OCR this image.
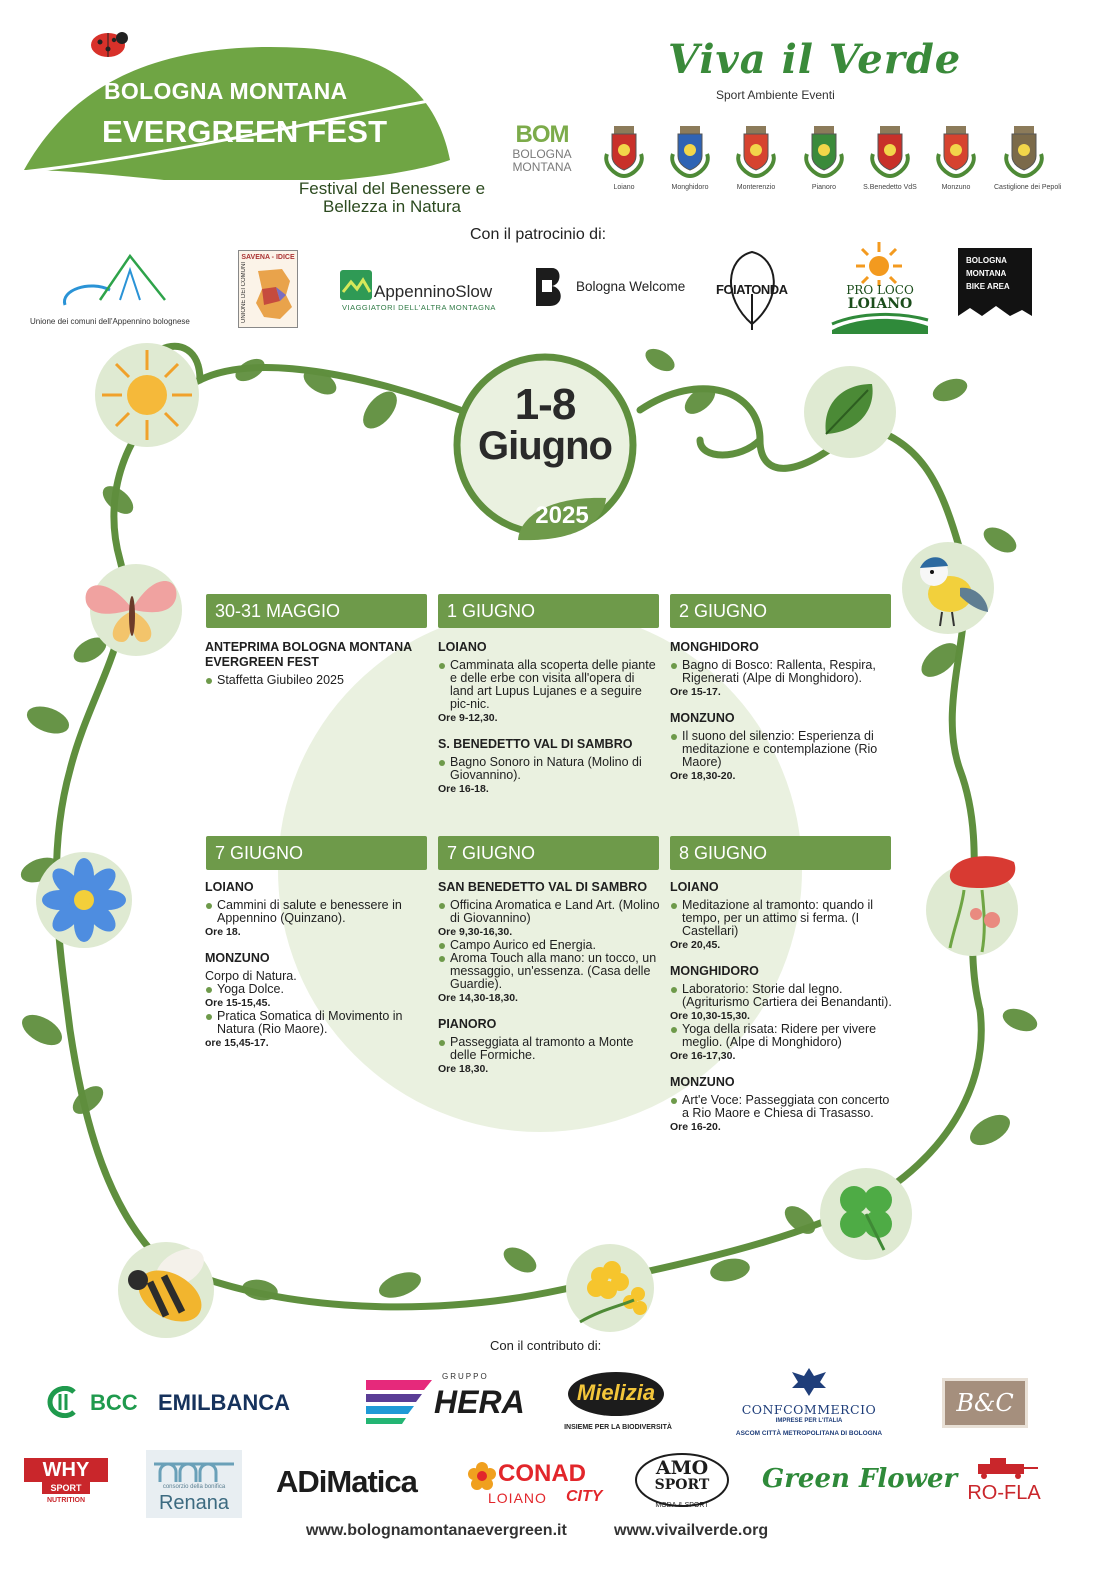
BOLOGNA MONTANA
EVERGREEN FEST
Festival del Benessere e Bellezza in Natura
Viva il Verde
Sport Ambiente Eventi
BOM
BOLOGNA
MONTANA
Loiano	Monghidoro	Monterenzio	Pianoro	S.Benedetto VdS	Monzuno	Castiglione dei Pepoli
Con il patrocinio di:
Unione dei comuni dell'Appennino bolognese
SAVENA - IDICE
UNIONE DEI COMUNI	AppenninoSlow
VIAGGIATORI DELL'ALTRA MONTAGNA
Bologna Welcome FOIATONDA	PRO LOCO
LOIANO
BOLOGNA
MONTANA
BIKE AREA
1-8
Giugno
2025
30-31 MAGGIO
ANTEPRIMA BOLOGNA MONTANA EVERGREEN FEST
Staffetta Giubileo 2025
1 GIUGNO
LOIANO
Camminata alla scoperta delle piante e delle erbe con visita all'opera di land art Lupus Lujanes e a seguire pic-nic.
Ore 9-12,30.
S. BENEDETTO VAL DI SAMBRO
Bagno Sonoro in Natura (Molino di Giovannino).
Ore 16-18.
2 GIUGNO
MONGHIDORO
Bagno di Bosco: Rallenta, Respira, Rigenerati (Alpe di Monghidoro).
Ore 15-17.
MONZUNO
Il suono del silenzio: Esperienza di meditazione e contemplazione (Rio Maore)
Ore 18,30-20.
7 GIUGNO
LOIANO
Cammini di salute e benessere in Appennino (Quinzano).
Ore 18.
MONZUNO
Corpo di Natura.
Yoga Dolce.
Ore 15-15,45.
Pratica Somatica di Movimento in Natura (Rio Maore).
ore 15,45-17.
7 GIUGNO
SAN BENEDETTO VAL DI SAMBRO
Officina Aromatica e Land Art. (Molino di Giovannino)
Ore 9,30-16,30.
Campo Aurico ed Energia.
Aroma Touch alla mano: un tocco, un messaggio, un'essenza. (Casa delle Guardie).
Ore 14,30-18,30.
PIANORO
Passeggiata al tramonto a Monte delle Formiche.
Ore 18,30.
8 GIUGNO
LOIANO
Meditazione al tramonto: quando il tempo, per un attimo si ferma. (I Castellari)
Ore 20,45.
MONGHIDORO
Laboratorio: Storie dal legno. (Agriturismo Cartiera dei Benandanti).
Ore 10,30-15,30.
Yoga della risata: Ridere per vivere meglio. (Alpe di Monghidoro)
Ore 16-17,30.
MONZUNO
Art'e Voce: Passeggiata con concerto a Rio Maore e Chiesa di Trasasso.
Ore 16-20.
Con il contributo di:
BCC EMILBANCA
GRUPPO
HERA	Mielizia
INSIEME PER LA BIODIVERSITÀ
CONFCOMMERCIO
IMPRESE PER L'ITALIA
ASCOM CITTÀ METROPOLITANA DI BOLOGNA
B&C
WHY
SPORT
NUTRITION
consorzio della bonifica
Renana
ADiMatica	CONAD
LOIANO CITY
AMO
SPORT
MODA & SPORT
Green Flower RO-FLA
www.bolognamontanaevergreen.it	www.vivailverde.org
